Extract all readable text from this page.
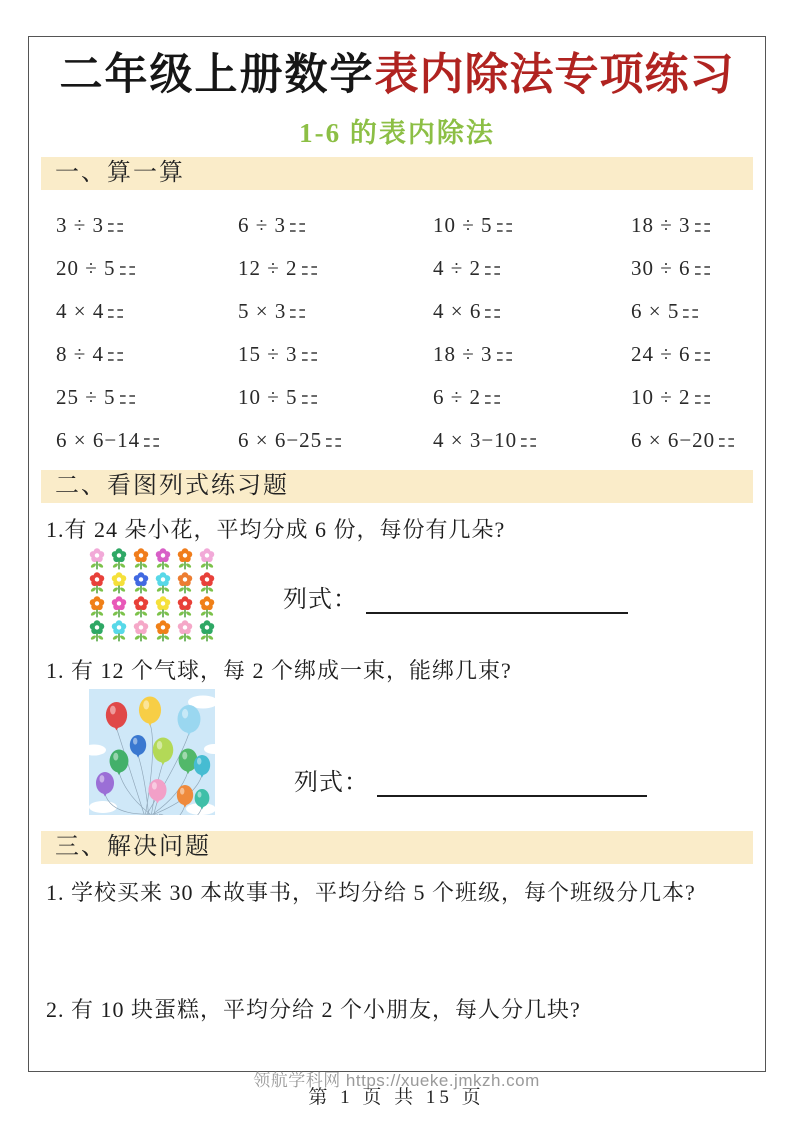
二年级上册数学表内除法专项练习
1-6 的表内除法
一、算一算
3 ÷ 3	6 ÷ 3	10 ÷ 5	18 ÷ 3
20 ÷ 5	12 ÷ 2	4 ÷ 2	30 ÷ 6
4 × 4	5 × 3	4 × 6	6 × 5
8 ÷ 4	15 ÷ 3	18 ÷ 3	24 ÷ 6
25 ÷ 5	10 ÷ 5	6 ÷ 2	10 ÷ 2
6 × 6−14	6 × 6−25	4 × 3−10	6 × 6−20
二、看图列式练习题
1.有 24 朵小花，平均分成 6 份，每份有几朵?
列式：
1. 有 12 个气球，每 2 个绑成一束，能绑几束?
列式：
三、解决问题
1. 学校买来 30 本故事书，平均分给 5 个班级，每个班级分几本?
2. 有 10 块蛋糕，平均分给 2 个小朋友，每人分几块?
领航学科网 https://xueke.jmkzh.com
第 1 页 共 15 页
